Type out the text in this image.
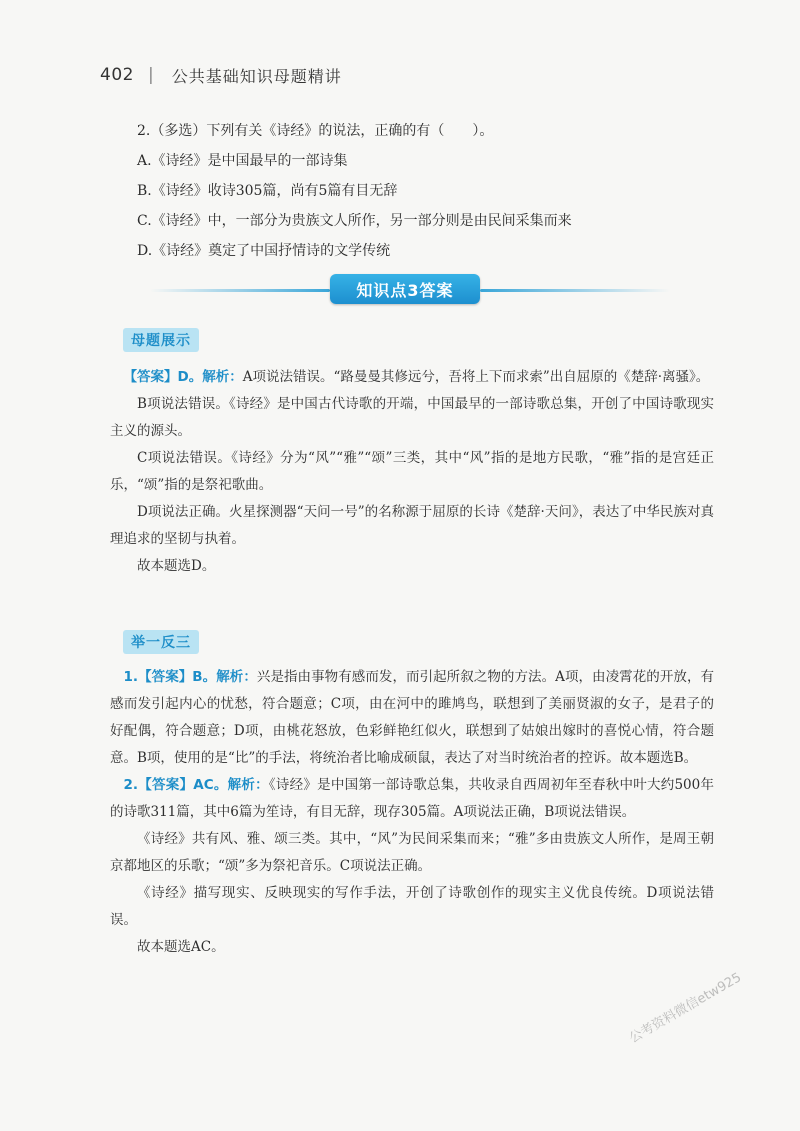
402 | 公共基础知识母题精讲
2.（多选）下列有关《诗经》的说法，正确的有（　　）。
A.《诗经》是中国最早的一部诗集
B.《诗经》收诗305篇，尚有5篇有目无辞
C.《诗经》中，一部分为贵族文人所作，另一部分则是由民间采集而来
D.《诗经》奠定了中国抒情诗的文学传统
知识点3答案
母题展示
【答案】D。解析：A项说法错误。“路曼曼其修远兮，吾将上下而求索”出自屈原的《楚辞·离骚》。
B项说法错误。《诗经》是中国古代诗歌的开端，中国最早的一部诗歌总集，开创了中国诗歌现实主义的源头。
C项说法错误。《诗经》分为“风”“雅”“颂”三类，其中“风”指的是地方民歌，“雅”指的是宫廷正乐，“颂”指的是祭祀歌曲。
D项说法正确。火星探测器“天问一号”的名称源于屈原的长诗《楚辞·天问》，表达了中华民族对真理追求的坚韧与执着。
故本题选D。
举一反三
1.【答案】B。解析：兴是指由事物有感而发，而引起所叙之物的方法。A项，由凌霄花的开放，有感而发引起内心的忧愁，符合题意；C项，由在河中的雎鸠鸟，联想到了美丽贤淑的女子，是君子的好配偶，符合题意；D项，由桃花怒放，色彩鲜艳红似火，联想到了姑娘出嫁时的喜悦心情，符合题意。B项，使用的是“比”的手法，将统治者比喻成硕鼠，表达了对当时统治者的控诉。故本题选B。
2.【答案】AC。解析：《诗经》是中国第一部诗歌总集，共收录自西周初年至春秋中叶大约500年的诗歌311篇，其中6篇为笙诗，有目无辞，现存305篇。A项说法正确，B项说法错误。
《诗经》共有风、雅、颂三类。其中，“风”为民间采集而来；“雅”多由贵族文人所作，是周王朝京都地区的乐歌；“颂”多为祭祀音乐。C项说法正确。
《诗经》描写现实、反映现实的写作手法，开创了诗歌创作的现实主义优良传统。D项说法错误。
故本题选AC。
公考资料微信etw925
